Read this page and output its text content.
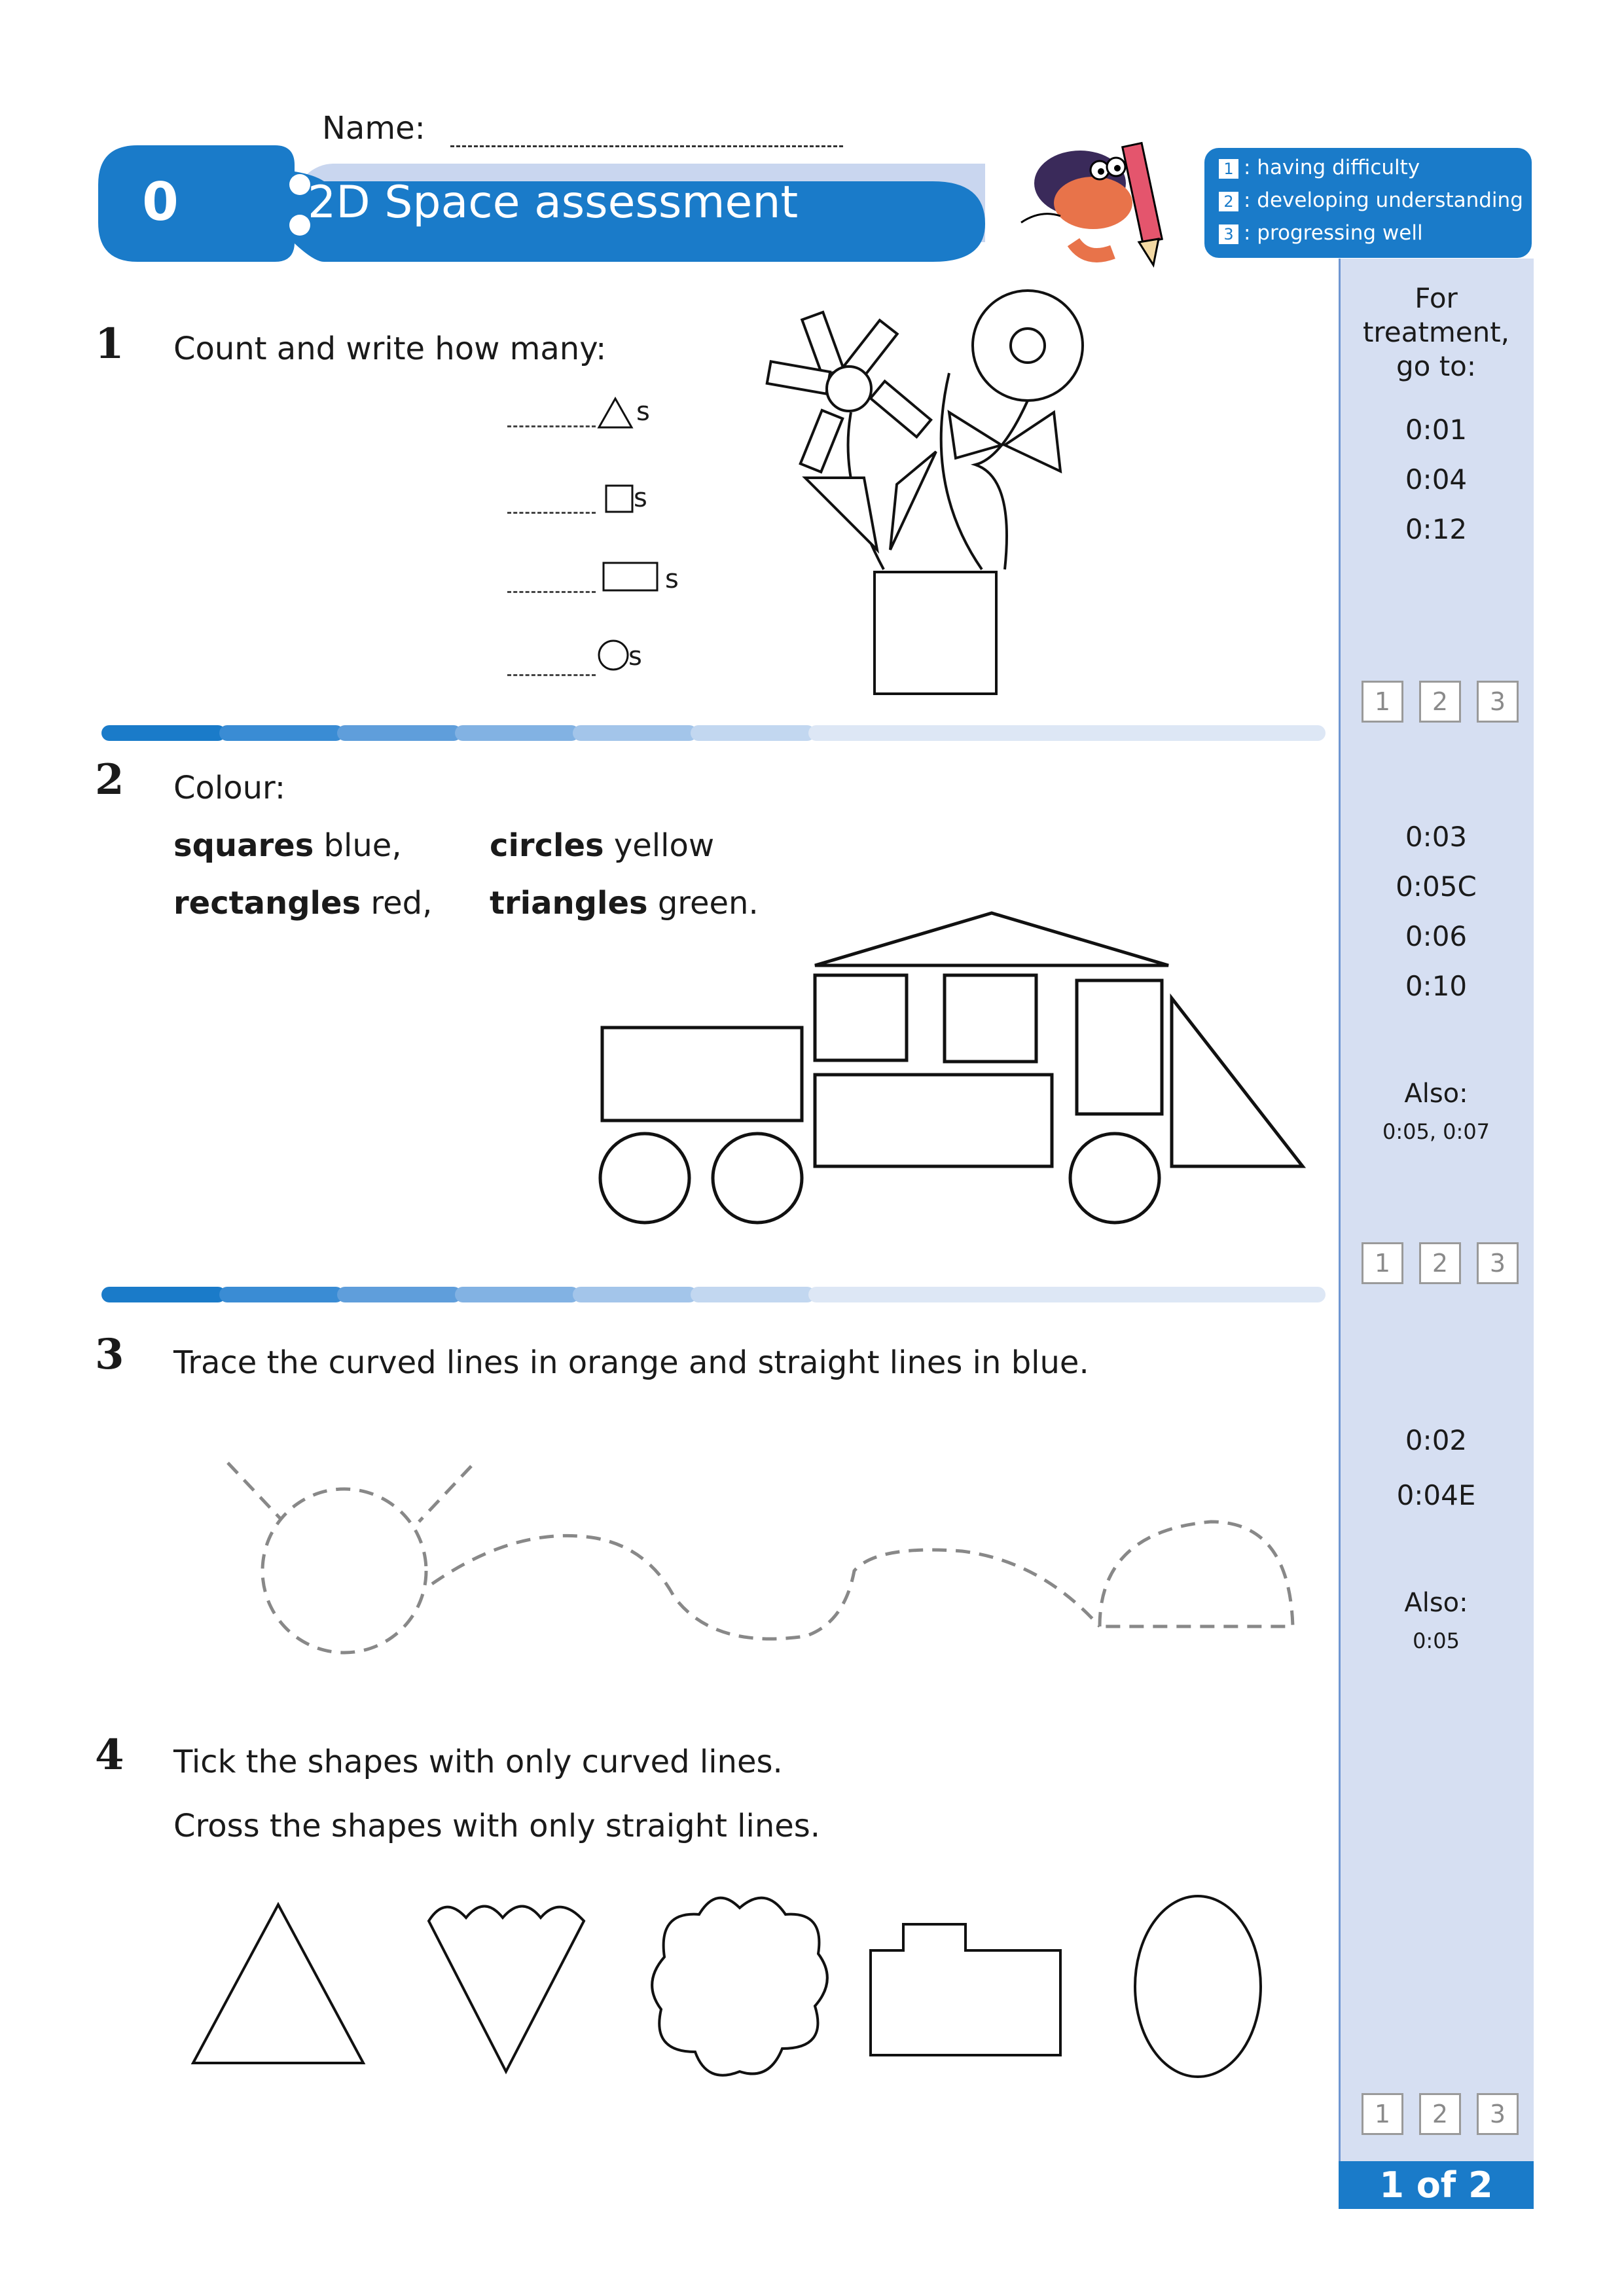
Name:
0	2D Space assessment
1 : having difficulty
2 : developing understanding
3 : progressing well
For treatment,
go to:
0:01
0:04
0:12
1	2	3
0:03
0:05C
0:06
0:10
Also:
0:05, 0:07
1	2	3
0:02
0:04E
Also:
0:05
1	2	3
1 of 2
1 Count and write how many:
s
s
s
s
2 Colour:
squares blue,	circles yellow
rectangles red, triangles green.
3 Trace the curved lines in orange and straight lines in blue.
4 Tick the shapes with only curved lines.
Cross the shapes with only straight lines.
